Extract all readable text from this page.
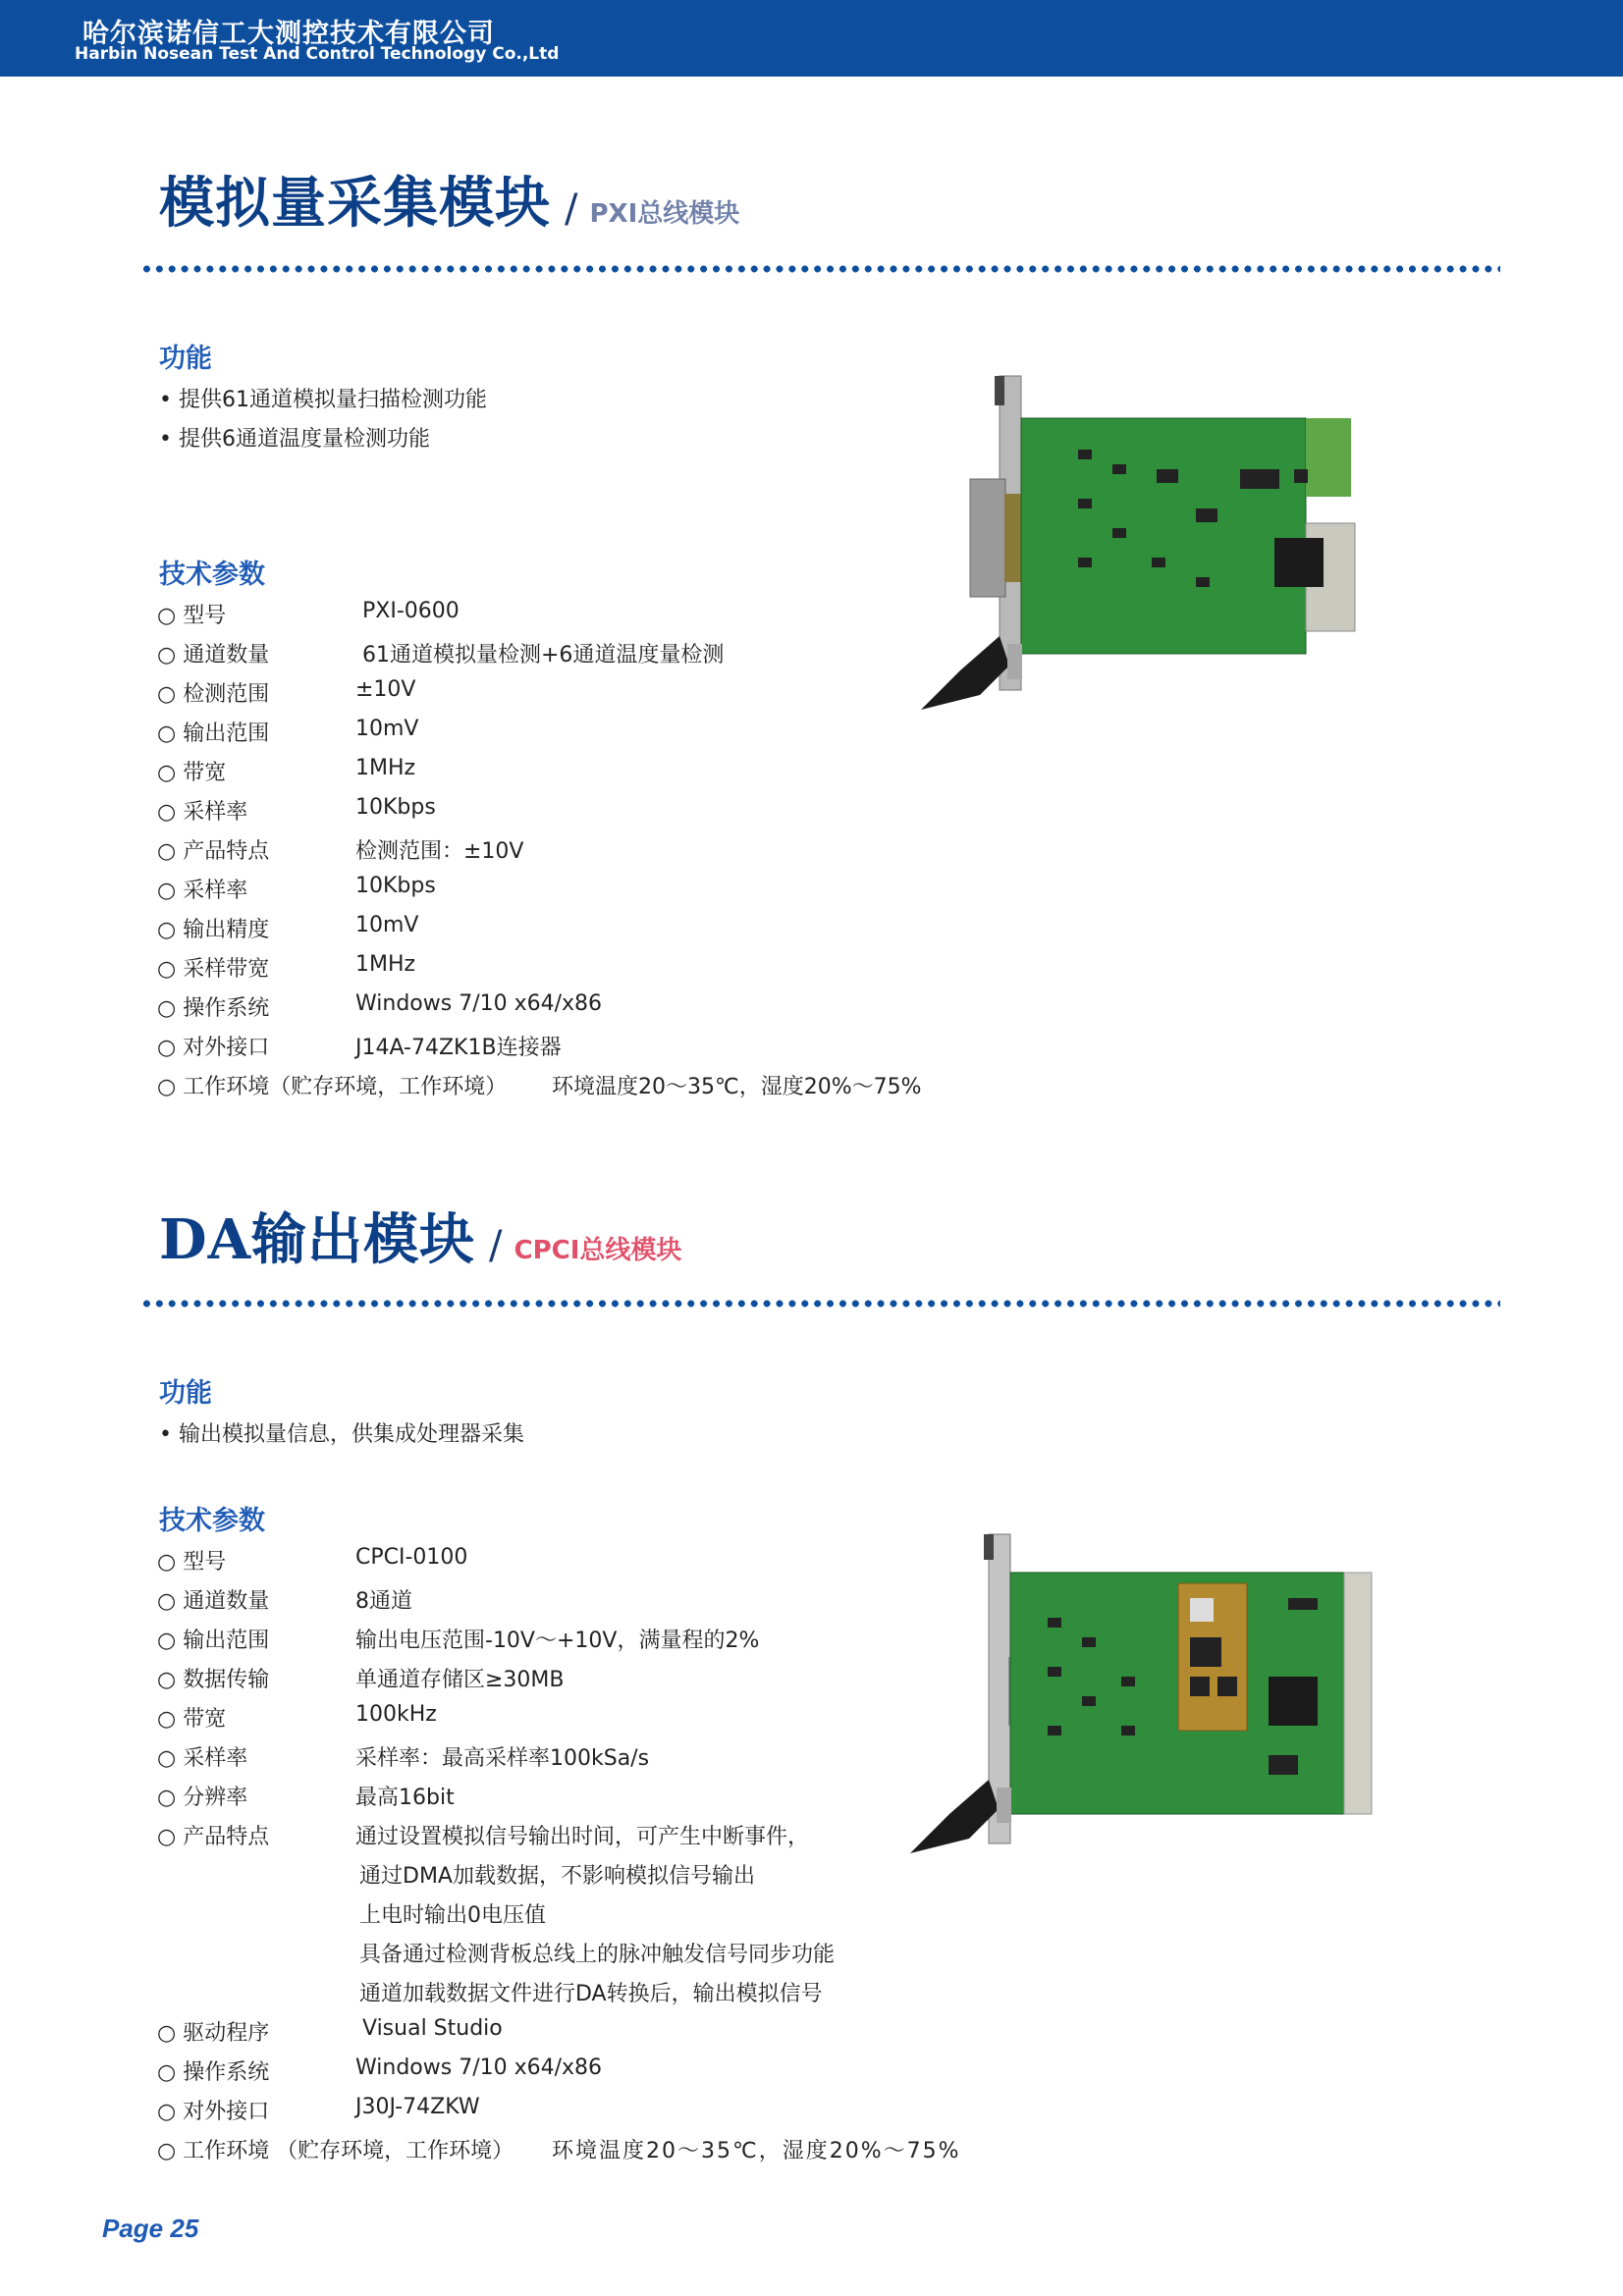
哈尔滨诺信工大测控技术有限公司
Harbin Nosean Test And Control Technology Co.,Ltd
模拟量采集模块 / PXI总线模块
功能
• 提供61通道模拟量扫描检测功能
• 提供6通道温度量检测功能
技术参数
○ 型号	PXI-0600
○ 通道数量	61通道模拟量检测+6通道温度量检测
○ 检测范围	±10V
○ 输出范围	10mV
○ 带宽	1MHz
○ 采样率	10Kbps
○ 产品特点	检测范围：±10V
○ 采样率	10Kbps
○ 输出精度	10mV
○ 采样带宽	1MHz
○ 操作系统	Windows 7/10 x64/x86
○ 对外接口	J14A-74ZK1B连接器
○ 工作环境（贮存环境，工作环境） 环境温度20～35℃，湿度20%～75%
DA输出模块 / CPCI总线模块
功能
• 输出模拟量信息，供集成处理器采集
技术参数
○ 型号	CPCI-0100
○ 通道数量	8通道
○ 输出范围	输出电压范围-10V～+10V，满量程的2%
○ 数据传输	单通道存储区≥30MB
○ 带宽	100kHz
○ 采样率	采样率：最高采样率100kSa/s
○ 分辨率	最高16bit
○ 产品特点	通过设置模拟信号输出时间，可产生中断事件，
通过DMA加载数据，不影响模拟信号输出
上电时输出0电压值
具备通过检测背板总线上的脉冲触发信号同步功能
通道加载数据文件进行DA转换后，输出模拟信号
○ 驱动程序	Visual Studio
○ 操作系统	Windows 7/10 x64/x86
○ 对外接口	J30J-74ZKW
○ 工作环境 （贮存环境，工作环境） 环境温度20～35℃，湿度20%～75%
Page 25
